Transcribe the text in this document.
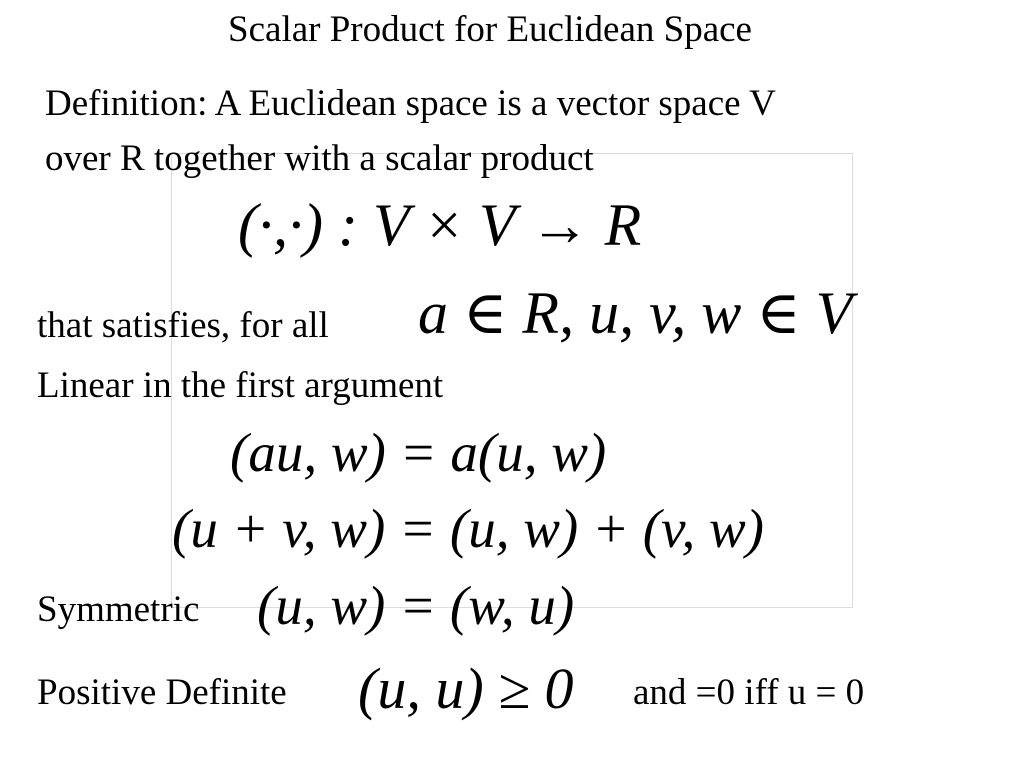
Scalar Product for Euclidean Space
Definition: A Euclidean space is a vector space V
over R together with a scalar product
(·,·) : V × V → R
that satisfies, for all a ∈ R, u, v, w ∈ V
Linear in the first argument
(au, w) = a(u, w)
(u + v, w) = (u, w) + (v, w)
Symmetric (u, w) = (w, u)
Positive Definite (u, u) ≥ 0 and =0 iff u = 0
